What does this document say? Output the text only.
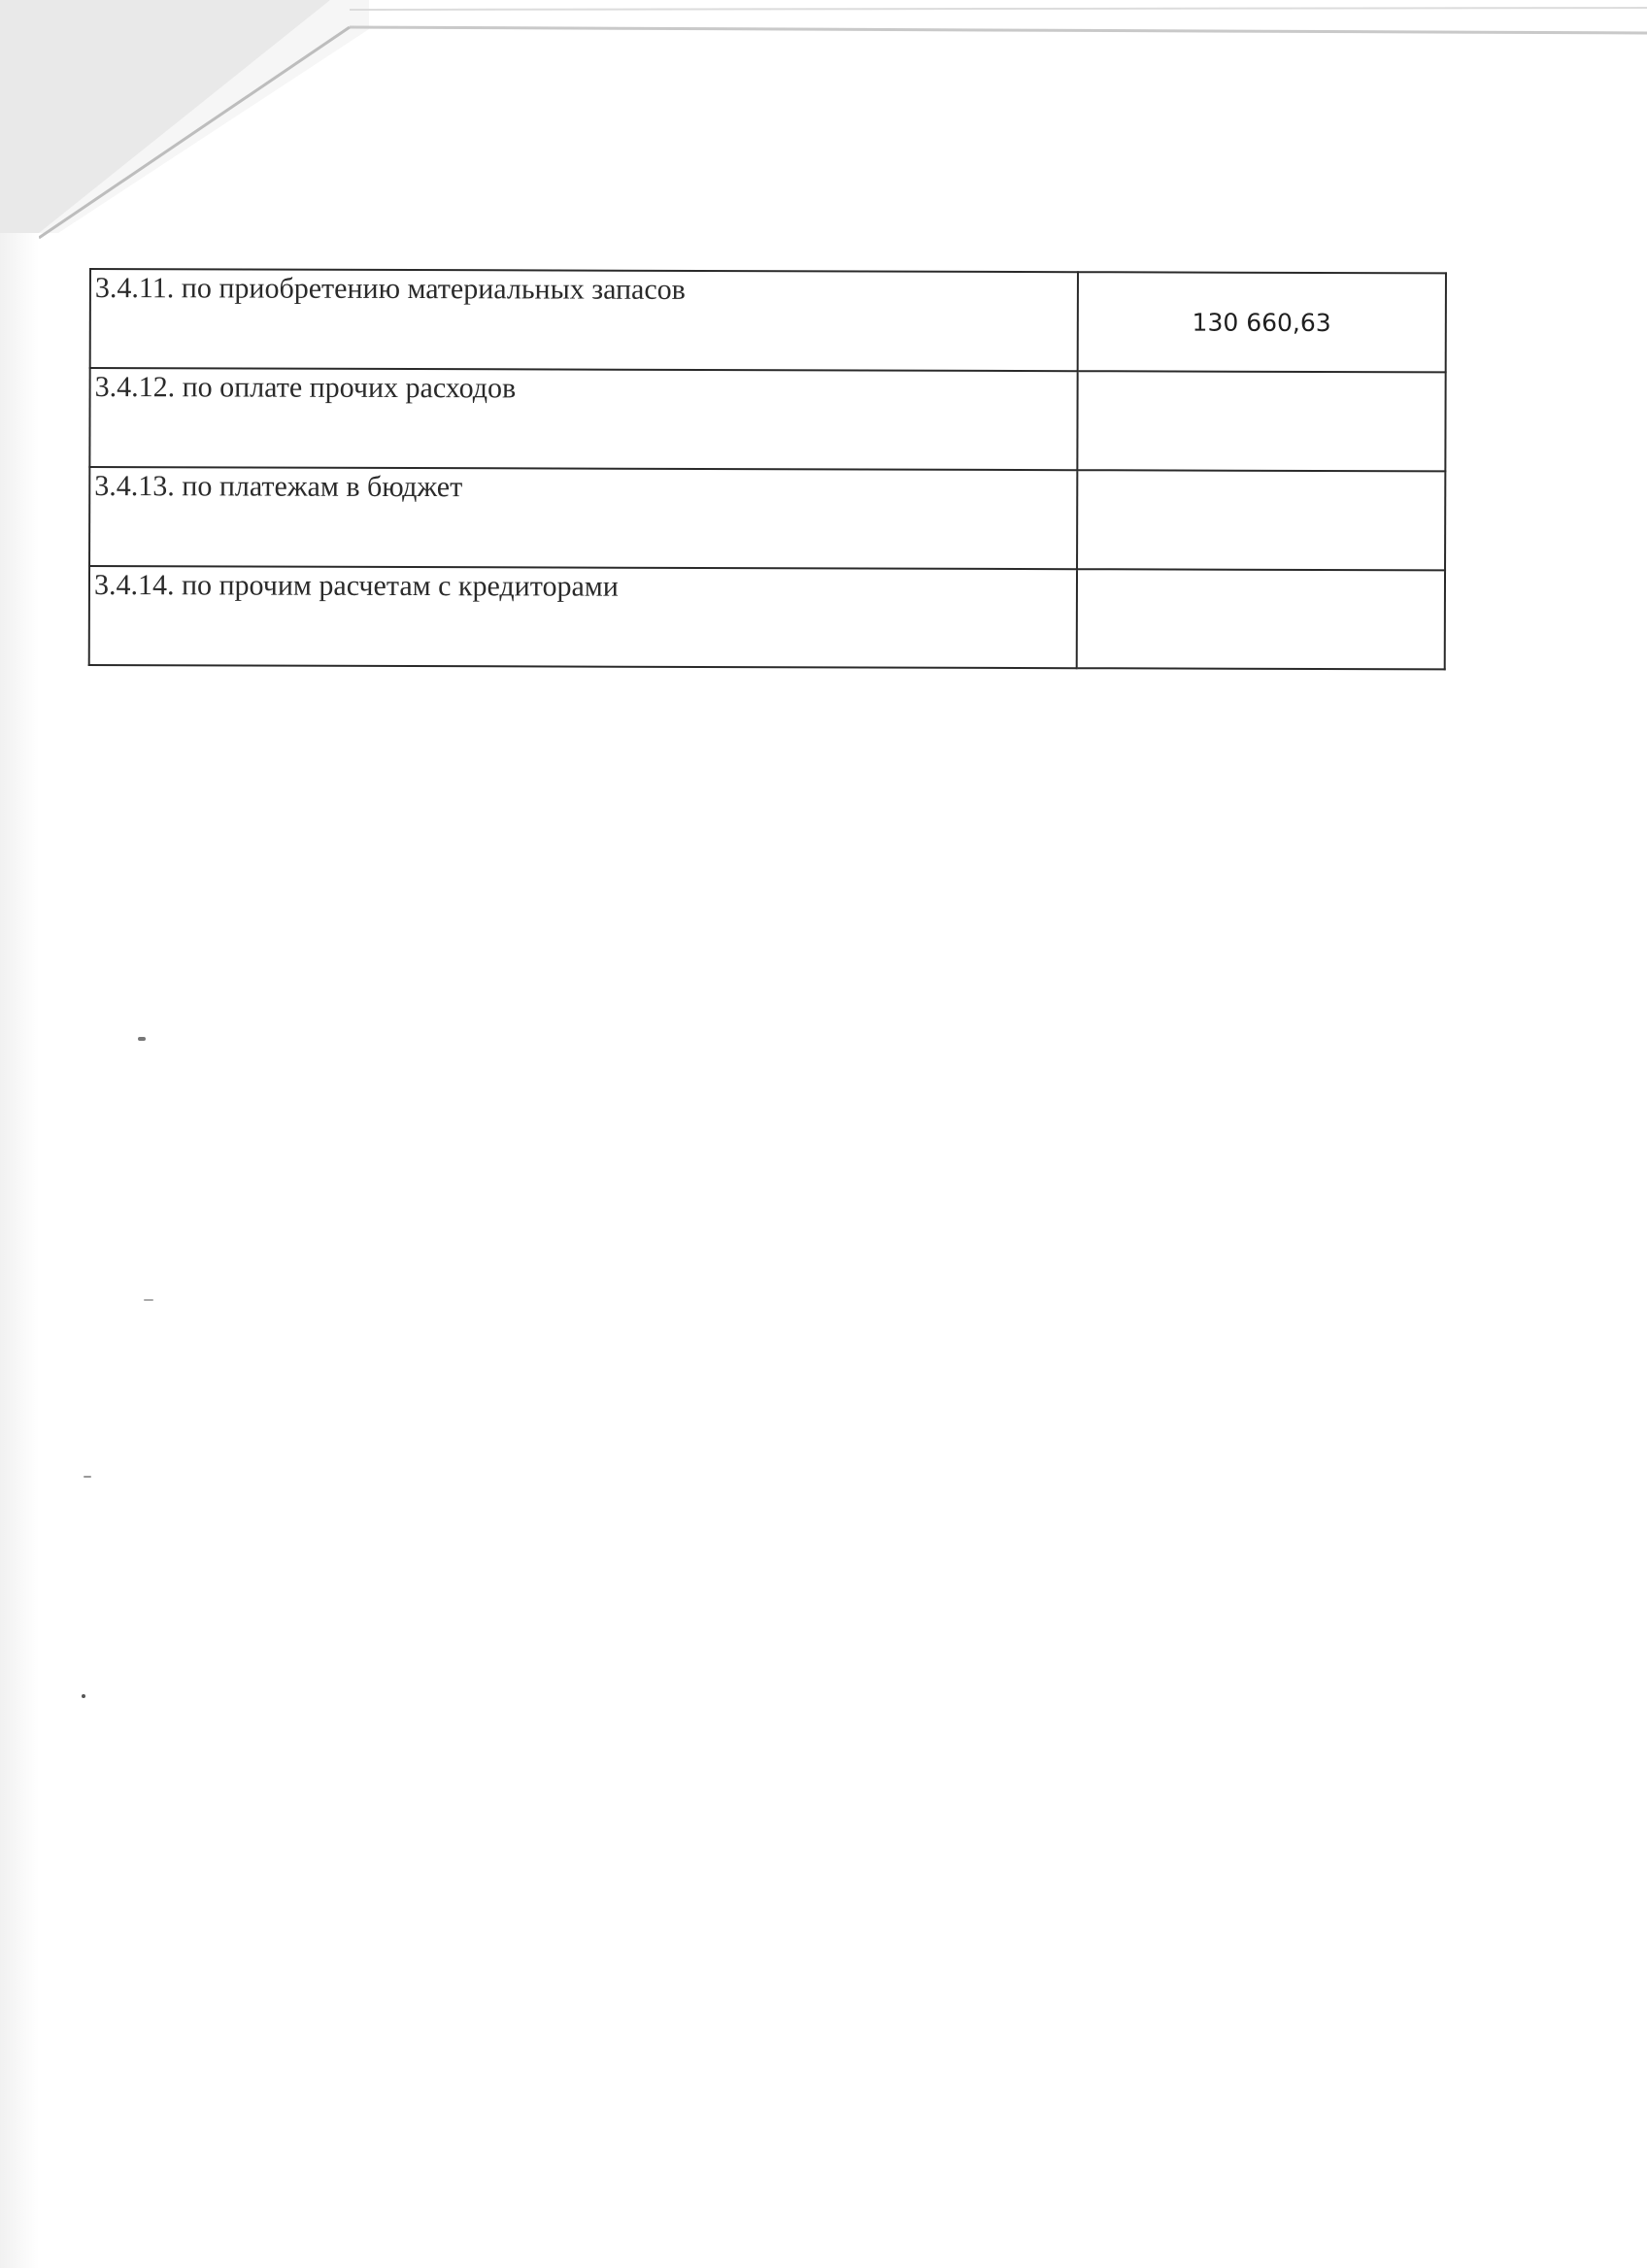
3.4.11. по приобретению материальных запасов	130 660,63
3.4.12. по оплате прочих расходов	
3.4.13. по платежам в бюджет	
3.4.14. по прочим расчетам с кредиторами	
